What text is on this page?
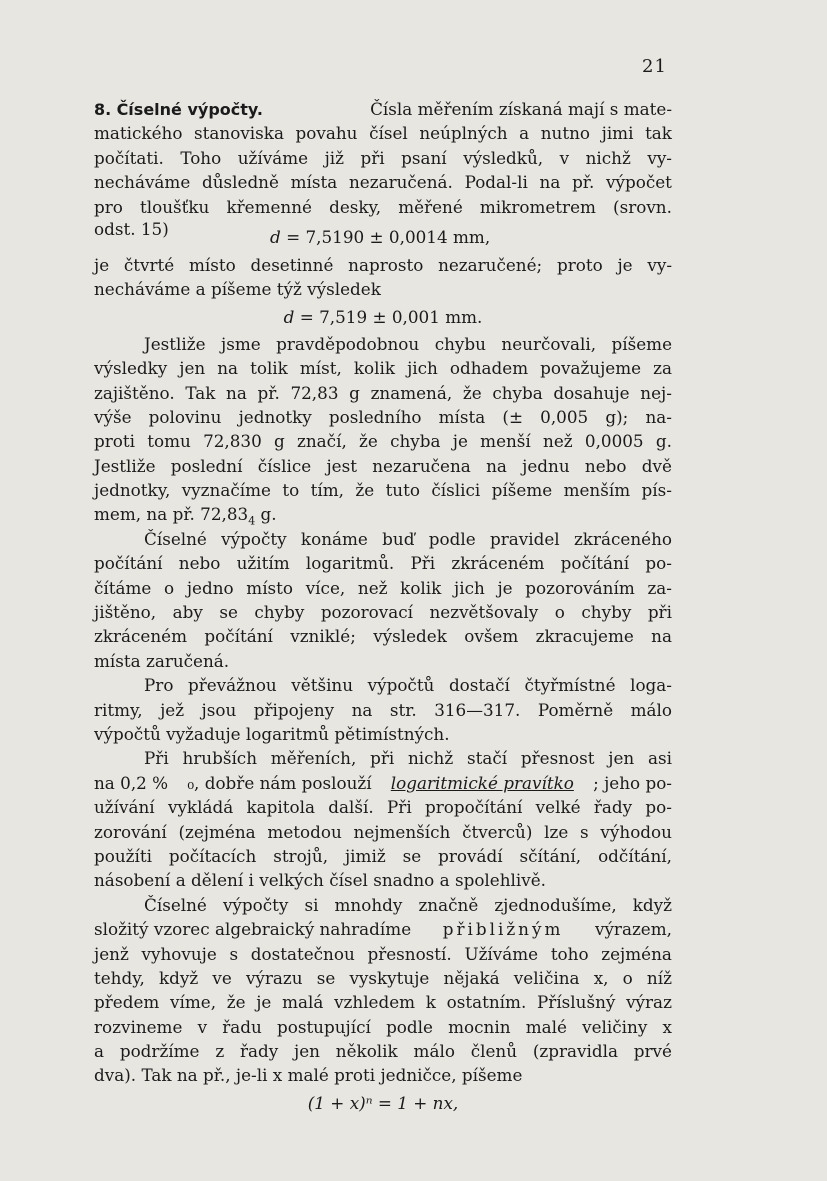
21
8. Číselné výpočty.	Čísla měřením získaná mají s mate-
matického stanoviska povahu čísel neúplných a nutno jimi tak
počítati. Toho užíváme již při psaní výsledků, v nichž vy-
necháváme důsledně místa nezaručená. Podal-li na př. výpočet
pro tloušťku křemenné desky, měřené mikrometrem (srovn.
odst. 15)	d = 7,5190 ± 0,0014 mm,
je čtvrté místo desetinné naprosto nezaručené; proto je vy-
necháváme a píšeme týž výsledek
d = 7,519 ± 0,001 mm.
Jestliže jsme pravděpodobnou chybu neurčovali, píšeme
výsledky jen na tolik míst, kolik jich odhadem považujeme za
zajištěno. Tak na př. 72,83 g znamená, že chyba dosahuje nej-
výše polovinu jednotky posledního místa (± 0,005 g); na-
proti tomu 72,830 g značí, že chyba je menší než 0,0005 g.
Jestliže poslední číslice jest nezaručena na jednu nebo dvě
jednotky, vyznačíme to tím, že tuto číslici píšeme menším pís-
mem, na př. $72,83_4$ g.
Číselné výpočty konáme buď podle pravidel zkráceného
počítání nebo užitím logaritmů. Při zkráceném počítání po-
čítáme o jedno místo více, než kolik jich je pozorováním za-
jištěno, aby se chyby pozorovací nezvětšovaly o chyby při
zkráceném počítání vzniklé; výsledek ovšem zkracujeme na
místa zaručená.
Pro převážnou většinu výpočtů dostačí čtyřmístné loga-
ritmy, jež jsou připojeny na str. 316—317. Poměrně málo
výpočtů vyžaduje logaritmů pětimístných.
Při hrubších měřeních, při nichž stačí přesnost jen asi
na 0,2 % ₀, dobře nám poslouží logaritmické pravítko ; jeho po-
užívání vykládá kapitola další. Při propočítání velké řady po-
zorování (zejména metodou nejmenších čtverců) lze s výhodou
použíti počítacích strojů, jimiž se provádí sčítání, odčítání,
násobení a dělení i velkých čísel snadno a spolehlivě.
Číselné výpočty si mnohdy značně zjednodušíme, když
složitý vzorec algebraický nahradíme přibližným výrazem,
jenž vyhovuje s dostatečnou přesností. Užíváme toho zejména
tehdy, když ve výrazu se vyskytuje nějaká veličina x, o níž
předem víme, že je malá vzhledem k ostatním. Příslušný výraz
rozvineme v řadu postupující podle mocnin malé veličiny x
a podržíme z řady jen několik málo členů (zpravidla prvé
dva). Tak na př., je-li x malé proti jedničce, píšeme
(1 + x)ⁿ = 1 + nx,
